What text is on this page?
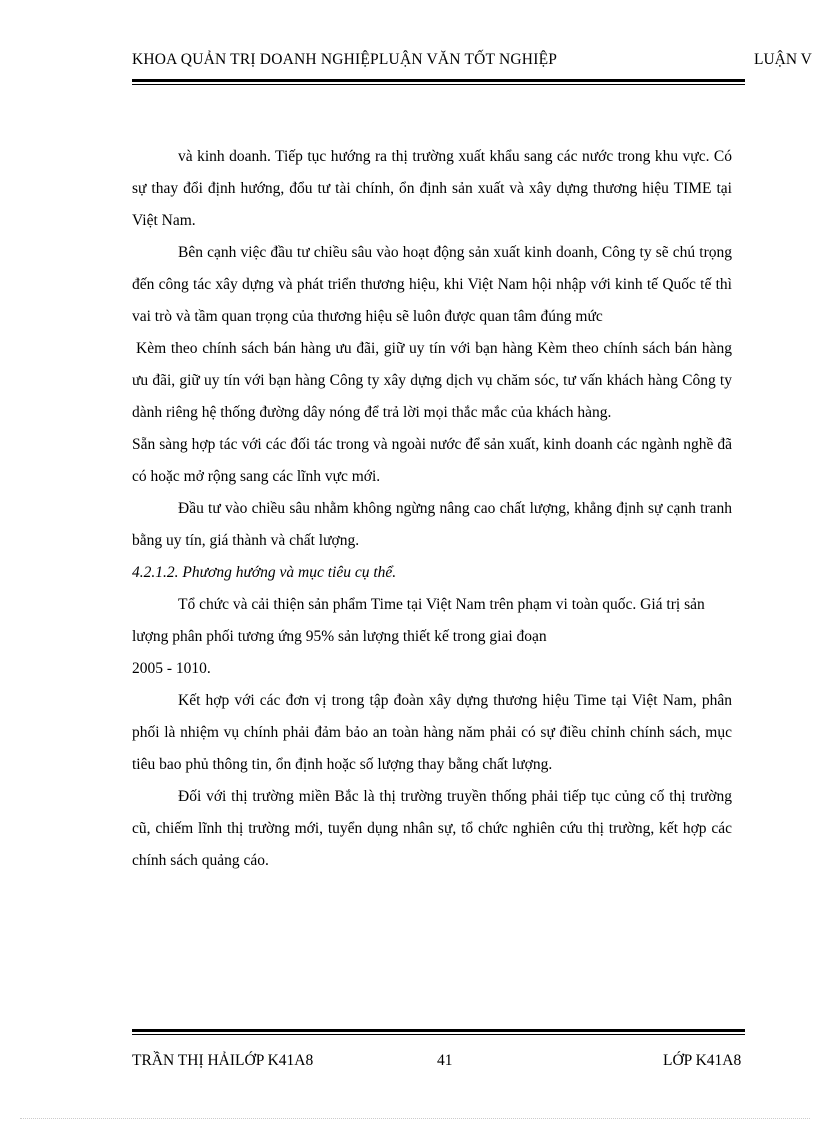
KHOA QUẢN TRỊ DOANH NGHIỆPLUẬN VĂN TỐT NGHIỆP	LUẬN V

và kinh doanh. Tiếp tục hướng ra thị trường xuất khẩu sang các nước trong khu vực. Có sự thay đổi định hướng, đổu tư tài chính, ổn định sản xuất và xây dựng thương hiệu TIME tại Việt Nam.

Bên cạnh việc đầu tư chiều sâu vào hoạt động sản xuất kinh doanh, Công ty sẽ chú trọng đến công tác xây dựng và phát triển thương hiệu, khi Việt Nam hội nhập với kinh tế Quốc tế thì vai trò và tầm quan trọng của thương hiệu sẽ luôn được quan tâm đúng mức

Kèm theo chính sách bán hàng ưu đãi, giữ uy tín với bạn hàng Kèm theo chính sách bán hàng ưu đãi, giữ uy tín với bạn hàng Công ty xây dựng dịch vụ chăm sóc, tư vấn khách hàng Công ty dành riêng hệ thống đường dây nóng để trả lời mọi thắc mắc của khách hàng.

Sẵn sàng hợp tác với các đối tác trong và ngoài nước để sản xuất, kinh doanh các ngành nghề đã có hoặc mở rộng sang các lĩnh vực mới.

Đầu tư vào chiều sâu nhằm không ngừng nâng cao chất lượng, khẳng định sự cạnh tranh bằng uy tín, giá thành và chất lượng.

4.2.1.2. Phương hướng và mục tiêu cụ thể.

Tổ chức và cải thiện sản phẩm Time tại Việt Nam trên phạm vi toàn quốc. Giá trị sản lượng phân phối tương ứng 95% sản lượng thiết kế trong giai đoạn

2005 - 1010.

Kết hợp với các đơn vị trong tập đoàn xây dựng thương hiệu Time tại Việt Nam, phân phối là nhiệm vụ chính phải đảm bảo an toàn hàng năm phải có sự điều chỉnh chính sách, mục tiêu bao phủ thông tin, ổn định hoặc số lượng thay bằng chất lượng.

Đối với thị trường miền Bắc là thị trường truyền thống phải tiếp tục củng cố thị trường cũ, chiếm lĩnh thị trường mới, tuyển dụng nhân sự, tổ chức nghiên cứu thị trường, kết hợp các chính sách quảng cáo.

TRẦN THỊ HẢILỚP K41A8	41	LỚP K41A8
